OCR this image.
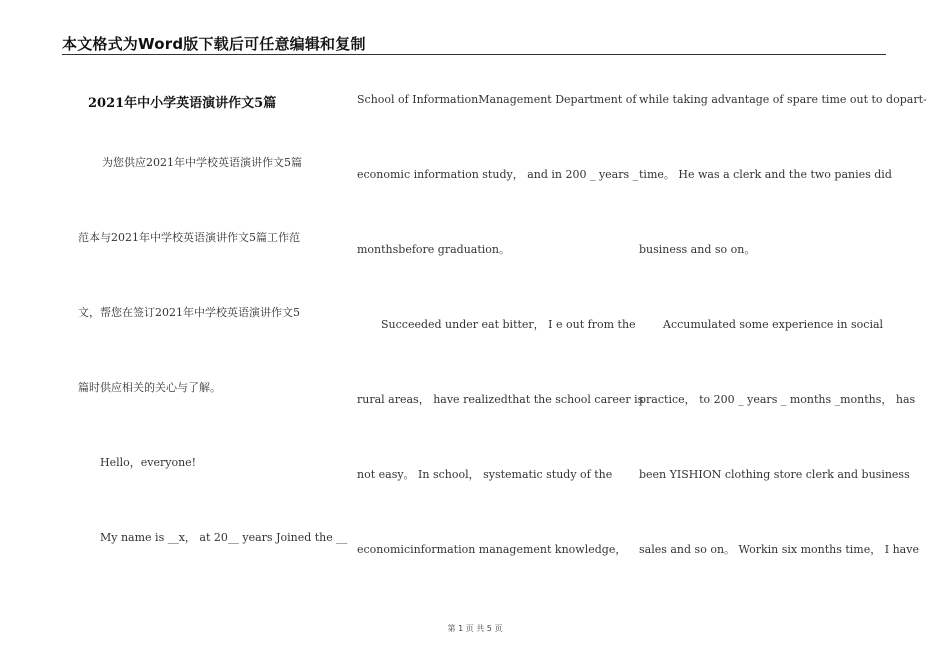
本文格式为Word版下载后可任意编辑和复制
2021年中小学英语演讲作文5篇
为您供应2021年中学校英语演讲作文5篇
范本与2021年中学校英语演讲作文5篇工作范
文，帮您在签订2021年中学校英语演讲作文5
篇时供应相关的关心与了解。
Hello，everyone!
My name is __x， at 20__ years Joined the __
School of InformationManagement Department of
economic information study， and in 200 _ years _
monthsbefore graduation。
Succeeded under eat bitter， I e out from the
rural areas， have realizedthat the school career is
not easy。 In school， systematic study of the
economicinformation management knowledge，
while taking advantage of spare time out to dopart-
time。 He was a clerk and the two panies did
business and so on。
Accumulated some experience in social
practice， to 200 _ years _ months _months， has
been YISHION clothing store clerk and business
sales and so on。 Workin six months time， I have
第 1 页 共 5 页
